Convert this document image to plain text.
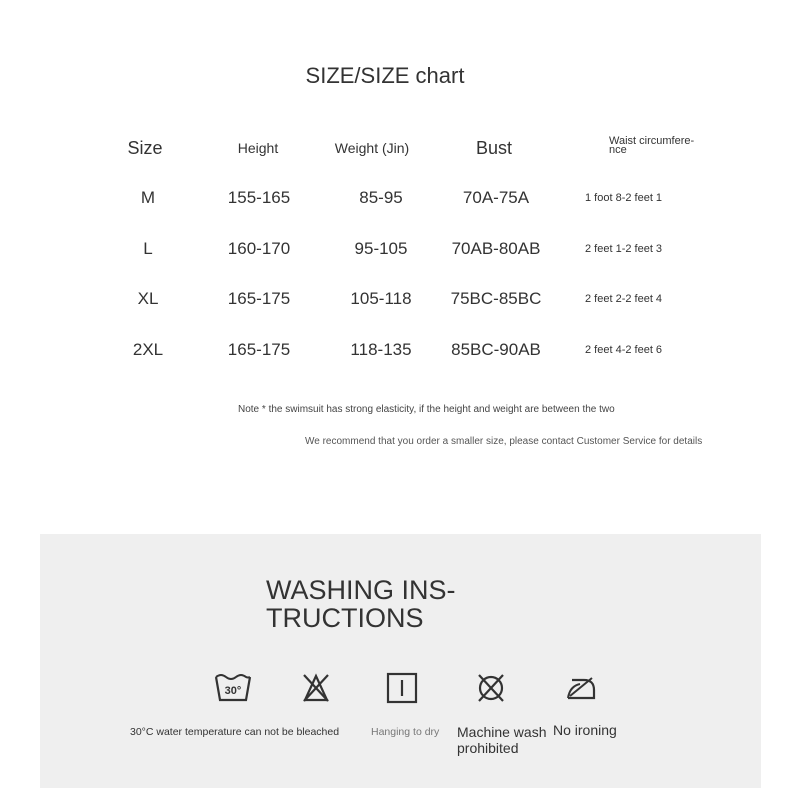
SIZE/SIZE chart
Size	Height	Weight (Jin)	Bust	Waist circumfere- nce
M	155-165	85-95	70A-75A	1 foot 8-2 feet 1
L	160-170	95-105	70AB-80AB	2 feet 1-2 feet 3
XL	165-175	105-118 75BC-85BC	2 feet 2-2 feet 4
2XL	165-175	118-135 85BC-90AB	2 feet 4-2 feet 6
Note * the swimsuit has strong elasticity, if the height and weight are between the two
We recommend that you order a smaller size, please contact Customer Service for details
WASHING INS- TRUCTIONS
30°
30°C water temperature can not be bleached	Hanging to dry Machine wash prohibited
No ironing
